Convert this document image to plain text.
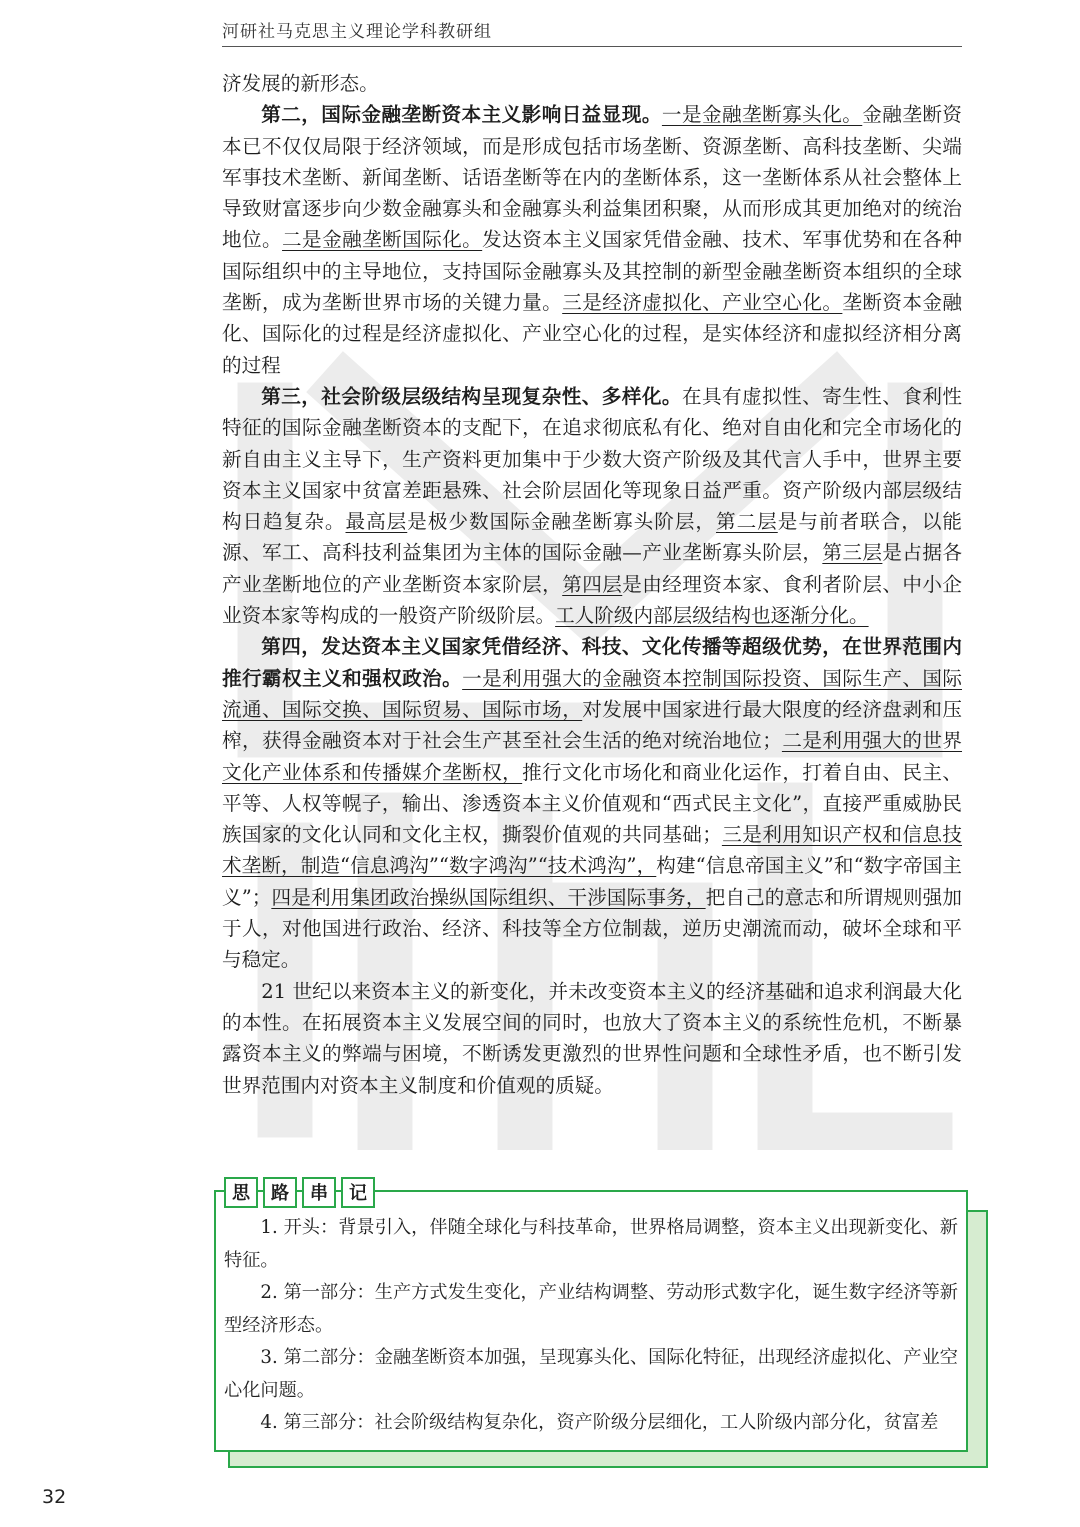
河研社马克思主义理论学科教研组

济发展的新形态。

第二，国际金融垄断资本主义影响日益显现。一是金融垄断寡头化。金融垄断资本已不仅仅局限于经济领域，而是形成包括市场垄断、资源垄断、高科技垄断、尖端军事技术垄断、新闻垄断、话语垄断等在内的垄断体系，这一垄断体系从社会整体上导致财富逐步向少数金融寡头和金融寡头利益集团积聚，从而形成其更加绝对的统治地位。二是金融垄断国际化。发达资本主义国家凭借金融、技术、军事优势和在各种国际组织中的主导地位，支持国际金融寡头及其控制的新型金融垄断资本组织的全球垄断，成为垄断世界市场的关键力量。三是经济虚拟化、产业空心化。垄断资本金融化、国际化的过程是经济虚拟化、产业空心化的过程，是实体经济和虚拟经济相分离的过程

第三，社会阶级层级结构呈现复杂性、多样化。在具有虚拟性、寄生性、食利性特征的国际金融垄断资本的支配下，在追求彻底私有化、绝对自由化和完全市场化的新自由主义主导下，生产资料更加集中于少数大资产阶级及其代言人手中，世界主要资本主义国家中贫富差距悬殊、社会阶层固化等现象日益严重。资产阶级内部层级结构日趋复杂。最高层是极少数国际金融垄断寡头阶层，第二层是与前者联合，以能源、军工、高科技利益集团为主体的国际金融—产业垄断寡头阶层，第三层是占据各产业垄断地位的产业垄断资本家阶层，第四层是由经理资本家、食利者阶层、中小企业资本家等构成的一般资产阶级阶层。工人阶级内部层级结构也逐渐分化。

第四，发达资本主义国家凭借经济、科技、文化传播等超级优势，在世界范围内推行霸权主义和强权政治。一是利用强大的金融资本控制国际投资、国际生产、国际流通、国际交换、国际贸易、国际市场，对发展中国家进行最大限度的经济盘剥和压榨，获得金融资本对于社会生产甚至社会生活的绝对统治地位；二是利用强大的世界文化产业体系和传播媒介垄断权，推行文化市场化和商业化运作，打着自由、民主、平等、人权等幌子，输出、渗透资本主义价值观和“西式民主文化”，直接严重威胁民族国家的文化认同和文化主权，撕裂价值观的共同基础；三是利用知识产权和信息技术垄断，制造“信息鸿沟”“数字鸿沟”“技术鸿沟”，构建“信息帝国主义”和“数字帝国主义”；四是利用集团政治操纵国际组织、干涉国际事务，把自己的意志和所谓规则强加于人，对他国进行政治、经济、科技等全方位制裁，逆历史潮流而动，破坏全球和平与稳定。

21 世纪以来资本主义的新变化，并未改变资本主义的经济基础和追求利润最大化的本性。在拓展资本主义发展空间的同时，也放大了资本主义的系统性危机，不断暴露资本主义的弊端与困境，不断诱发更激烈的世界性问题和全球性矛盾，也不断引发世界范围内对资本主义制度和价值观的质疑。

1. 开头：背景引入，伴随全球化与科技革命，世界格局调整，资本主义出现新变化、新特征。

2. 第一部分：生产方式发生变化，产业结构调整、劳动形式数字化，诞生数字经济等新型经济形态。

3. 第二部分：金融垄断资本加强，呈现寡头化、国际化特征，出现经济虚拟化、产业空心化问题。

4. 第三部分：社会阶级结构复杂化，资产阶级分层细化，工人阶级内部分化，贫富差

思	路	串	记
32
